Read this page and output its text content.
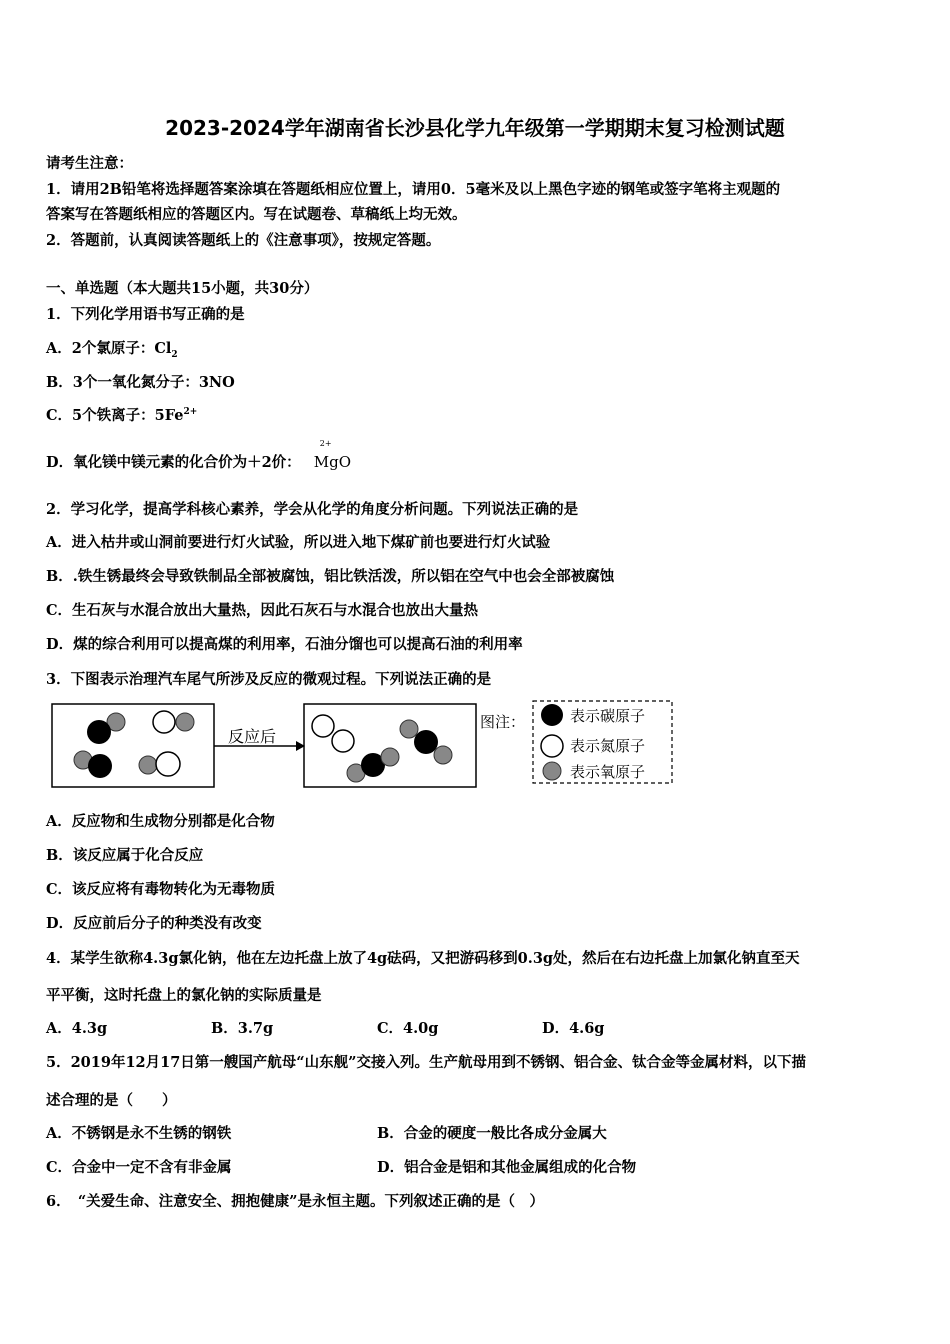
2023-2024学年湖南省长沙县化学九年级第一学期期末复习检测试题
请考生注意：
1．请用2B铅笔将选择题答案涂填在答题纸相应位置上，请用0．5毫米及以上黑色字迹的钢笔或签字笔将主观题的
答案写在答题纸相应的答题区内。写在试题卷、草稿纸上均无效。
2．答题前，认真阅读答题纸上的《注意事项》，按规定答题。
一、单选题（本大题共15小题，共30分）
1．下列化学用语书写正确的是
A．2个氯原子：$Cl_2$
B．3个一氧化氮分子：3NO
C．5个铁离子：$5Fe^{2+}$
D．氧化镁中镁元素的化合价为＋2价：
2+
MgO
2．学习化学，提高学科核心素养，学会从化学的角度分析问题。下列说法正确的是
A．进入枯井或山洞前要进行灯火试验，所以进入地下煤矿前也要进行灯火试验
B．.铁生锈最终会导致铁制品全部被腐蚀，铝比铁活泼，所以铝在空气中也会全部被腐蚀
C．生石灰与水混合放出大量热，因此石灰石与水混合也放出大量热
D．煤的综合利用可以提高煤的利用率，石油分馏也可以提高石油的利用率
3．下图表示治理汽车尾气所涉及反应的微观过程。下列说法正确的是
反应后
图注：	表示碳原子
表示氮原子
表示氧原子
A．反应物和生成物分别都是化合物
B．该反应属于化合反应
C．该反应将有毒物转化为无毒物质
D．反应前后分子的种类没有改变
4．某学生欲称4.3g氯化钠，他在左边托盘上放了4g砝码，又把游码移到0.3g处，然后在右边托盘上加氯化钠直至天
平平衡，这时托盘上的氯化钠的实际质量是
A．4.3g	B．3.7g	C．4.0g	D．4.6g
5．2019年12月17日第一艘国产航母“山东舰”交接入列。生产航母用到不锈钢、铝合金、钛合金等金属材料，以下描
述合理的是（　　）
A．不锈钢是永不生锈的钢铁	B．合金的硬度一般比各成分金属大
C．合金中一定不含有非金属	D．铝合金是铝和其他金属组成的化合物
6．　“关爱生命、注意安全、拥抱健康”是永恒主题。下列叙述正确的是（　）
